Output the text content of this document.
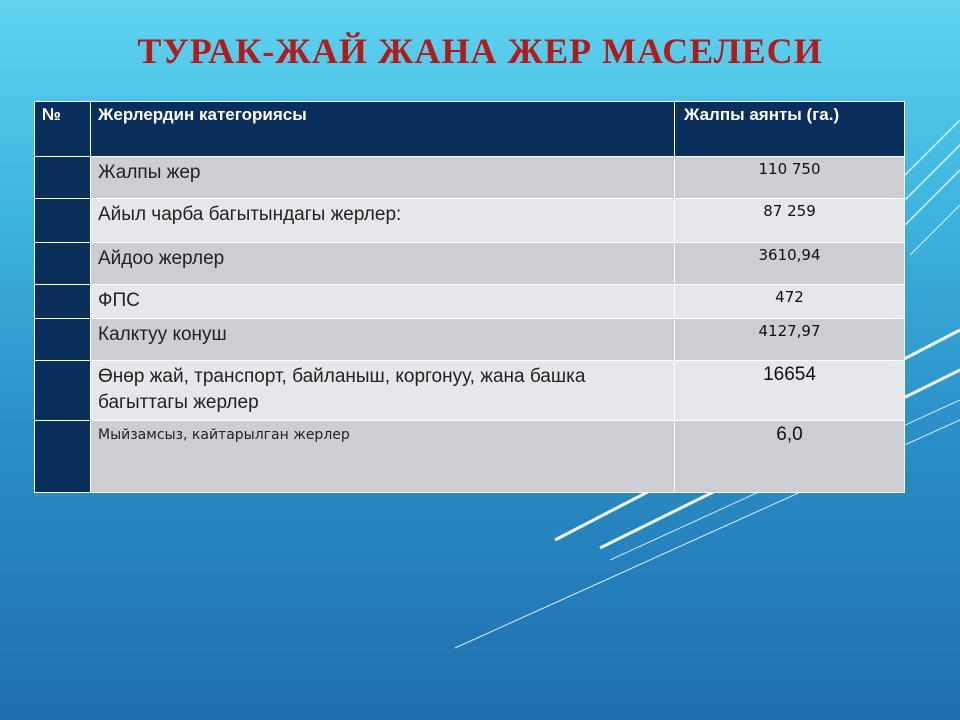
ТУРАК-ЖАЙ ЖАНА ЖЕР МАСЕЛЕСИ
№	Жерлердин категориясы	Жалпы аянты (га.)
	Жалпы жер	110 750
	Айыл чарба багытындагы жерлер:	87 259
	Айдоо жерлер	3610,94
	ФПС	472
	Калктуу конуш	4127,97
	Өнөр жай, транспорт, байланыш, коргонуу, жана башка багыттагы жерлер	16654
	Мыйзамсыз, кайтарылган жерлер	6,0
